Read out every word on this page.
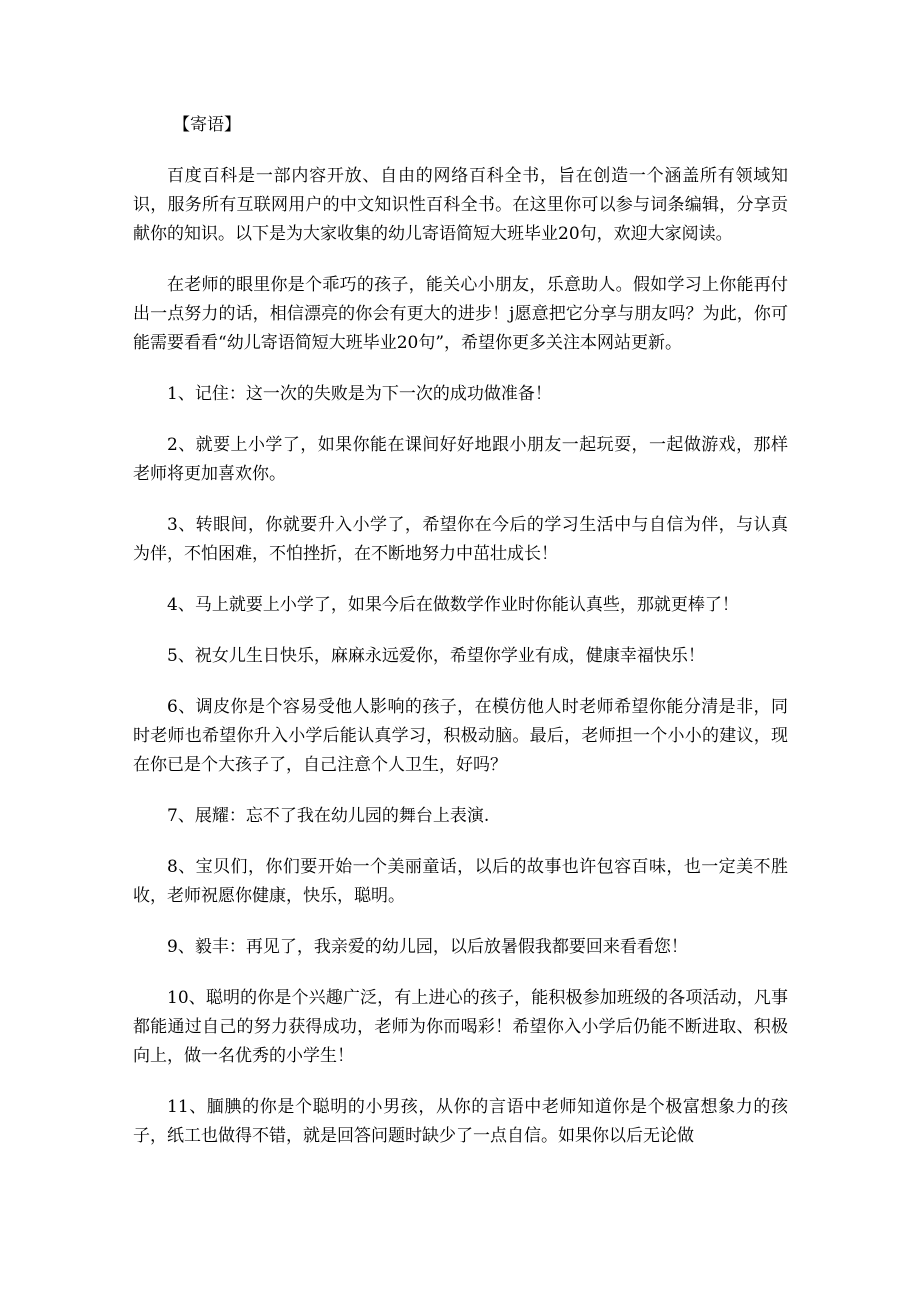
【寄语】

百度百科是一部内容开放、自由的网络百科全书，旨在创造一个涵盖所有领域知识，服务所有互联网用户的中文知识性百科全书。在这里你可以参与词条编辑，分享贡献你的知识。以下是为大家收集的幼儿寄语简短大班毕业20句，欢迎大家阅读。

在老师的眼里你是个乖巧的孩子，能关心小朋友，乐意助人。假如学习上你能再付出一点努力的话，相信漂亮的你会有更大的进步！j愿意把它分享与朋友吗？为此，你可能需要看看“幼儿寄语简短大班毕业20句”，希望你更多关注本网站更新。

1、记住：这一次的失败是为下一次的成功做准备！

2、就要上小学了，如果你能在课间好好地跟小朋友一起玩耍，一起做游戏，那样老师将更加喜欢你。

3、转眼间，你就要升入小学了，希望你在今后的学习生活中与自信为伴，与认真为伴，不怕困难，不怕挫折，在不断地努力中茁壮成长！

4、马上就要上小学了，如果今后在做数学作业时你能认真些，那就更棒了！

5、祝女儿生日快乐，麻麻永远爱你，希望你学业有成，健康幸福快乐！

6、调皮你是个容易受他人影响的孩子，在模仿他人时老师希望你能分清是非，同时老师也希望你升入小学后能认真学习，积极动脑。最后，老师担一个小小的建议，现在你已是个大孩子了，自己注意个人卫生，好吗？

7、展耀：忘不了我在幼儿园的舞台上表演.

8、宝贝们，你们要开始一个美丽童话，以后的故事也许包容百味，也一定美不胜收，老师祝愿你健康，快乐，聪明。

9、毅丰：再见了，我亲爱的幼儿园，以后放暑假我都要回来看看您！

10、聪明的你是个兴趣广泛，有上进心的孩子，能积极参加班级的各项活动，凡事都能通过自己的努力获得成功，老师为你而喝彩！希望你入小学后仍能不断进取、积极向上，做一名优秀的小学生！

11、腼腆的你是个聪明的小男孩，从你的言语中老师知道你是个极富想象力的孩子，纸工也做得不错，就是回答问题时缺少了一点自信。如果你以后无论做
